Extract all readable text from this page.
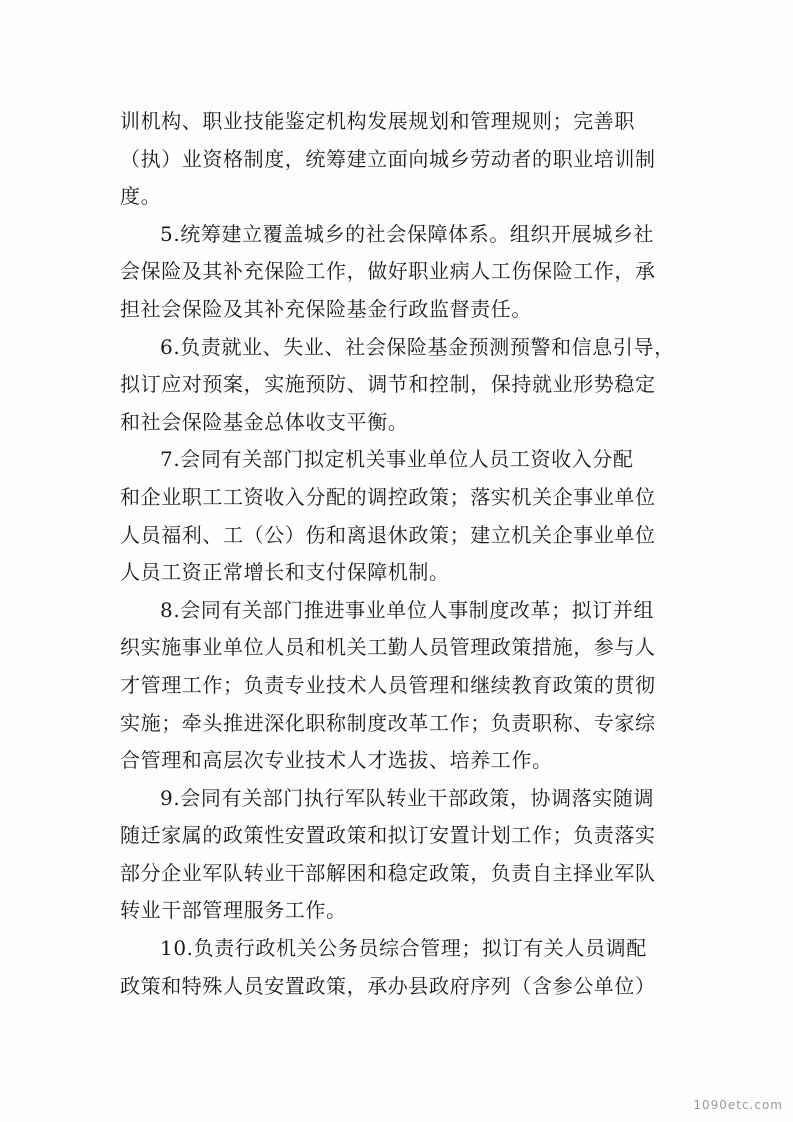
训机构、职业技能鉴定机构发展规划和管理规则；完善职
（执）业资格制度，统筹建立面向城乡劳动者的职业培训制
度。
5.统筹建立覆盖城乡的社会保障体系。组织开展城乡社
会保险及其补充保险工作，做好职业病人工伤保险工作，承
担社会保险及其补充保险基金行政监督责任。
6.负责就业、失业、社会保险基金预测预警和信息引导，
拟订应对预案，实施预防、调节和控制，保持就业形势稳定
和社会保险基金总体收支平衡。
7.会同有关部门拟定机关事业单位人员工资收入分配
和企业职工工资收入分配的调控政策；落实机关企事业单位
人员福利、工（公）伤和离退休政策；建立机关企事业单位
人员工资正常增长和支付保障机制。
8.会同有关部门推进事业单位人事制度改革；拟订并组
织实施事业单位人员和机关工勤人员管理政策措施，参与人
才管理工作；负责专业技术人员管理和继续教育政策的贯彻
实施；牵头推进深化职称制度改革工作；负责职称、专家综
合管理和高层次专业技术人才选拔、培养工作。
9.会同有关部门执行军队转业干部政策，协调落实随调
随迁家属的政策性安置政策和拟订安置计划工作；负责落实
部分企业军队转业干部解困和稳定政策，负责自主择业军队
转业干部管理服务工作。
10.负责行政机关公务员综合管理；拟订有关人员调配
政策和特殊人员安置政策，承办县政府序列（含参公单位）
1090etc.com
